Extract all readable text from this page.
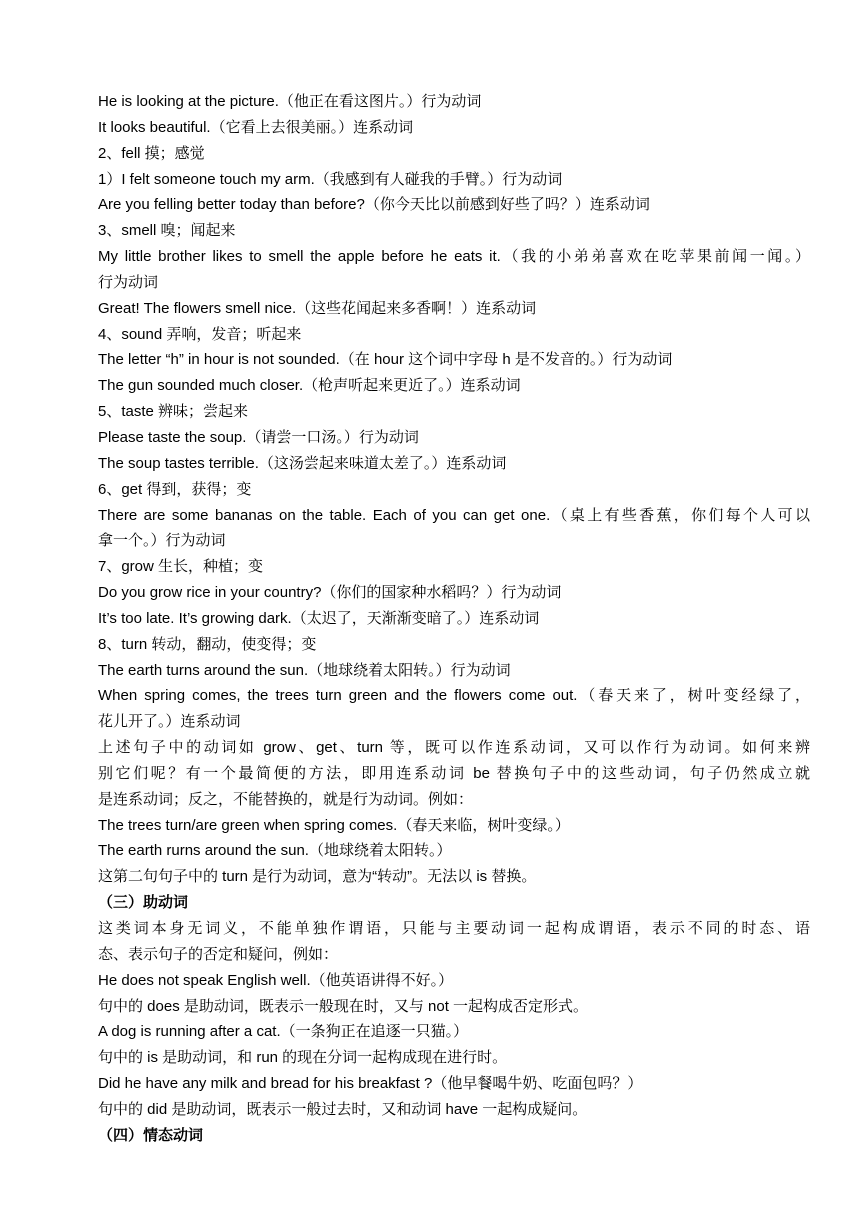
He is looking at the picture.（他正在看这图片。）行为动词
It looks beautiful.（它看上去很美丽。）连系动词
2、fell 摸；感觉
1）I felt someone touch my arm.（我感到有人碰我的手臂。）行为动词
Are you felling better today than before?（你今天比以前感到好些了吗？）连系动词
3、smell 嗅；闻起来
My little brother likes to smell the apple before he eats it.（我的小弟弟喜欢在吃苹果前闻一闻。）
行为动词
Great! The flowers smell nice.（这些花闻起来多香啊！）连系动词
4、sound 弄响，发音；听起来
The letter “h” in hour is not sounded.（在 hour 这个词中字母 h 是不发音的。）行为动词
The gun sounded much closer.（枪声听起来更近了。）连系动词
5、taste 辨味；尝起来
Please taste the soup.（请尝一口汤。）行为动词
The soup tastes terrible.（这汤尝起来味道太差了。）连系动词
6、get 得到，获得；变
There are some bananas on the table. Each of you can get one.（桌上有些香蕉，你们每个人可以
拿一个。）行为动词
7、grow 生长，种植；变
Do you grow rice in your country?（你们的国家种水稻吗？）行为动词
It’s too late. It’s growing dark.（太迟了，天渐渐变暗了。）连系动词
8、turn 转动，翻动，使变得；变
The earth turns around the sun.（地球绕着太阳转。）行为动词
When spring comes, the trees turn green and the flowers come out.（春天来了，树叶变经绿了，
花儿开了。）连系动词
上述句子中的动词如 grow、get、turn 等，既可以作连系动词，又可以作行为动词。如何来辨
别它们呢？有一个最简便的方法，即用连系动词 be 替换句子中的这些动词，句子仍然成立就
是连系动词；反之，不能替换的，就是行为动词。例如：
The trees turn/are green when spring comes.（春天来临，树叶变绿。）
The earth rurns around the sun.（地球绕着太阳转。）
这第二句句子中的 turn 是行为动词，意为“转动”。无法以 is 替换。
（三）助动词
这类词本身无词义，不能单独作谓语，只能与主要动词一起构成谓语，表示不同的时态、语
态、表示句子的否定和疑问，例如：
He does not speak English well.（他英语讲得不好。）
句中的 does 是助动词，既表示一般现在时，又与 not 一起构成否定形式。
A dog is running after a cat.（一条狗正在追逐一只猫。）
句中的 is 是助动词，和 run 的现在分词一起构成现在进行时。
Did he have any milk and bread for his breakfast ?（他早餐喝牛奶、吃面包吗？）
句中的 did 是助动词，既表示一般过去时，又和动词 have 一起构成疑问。
（四）情态动词
